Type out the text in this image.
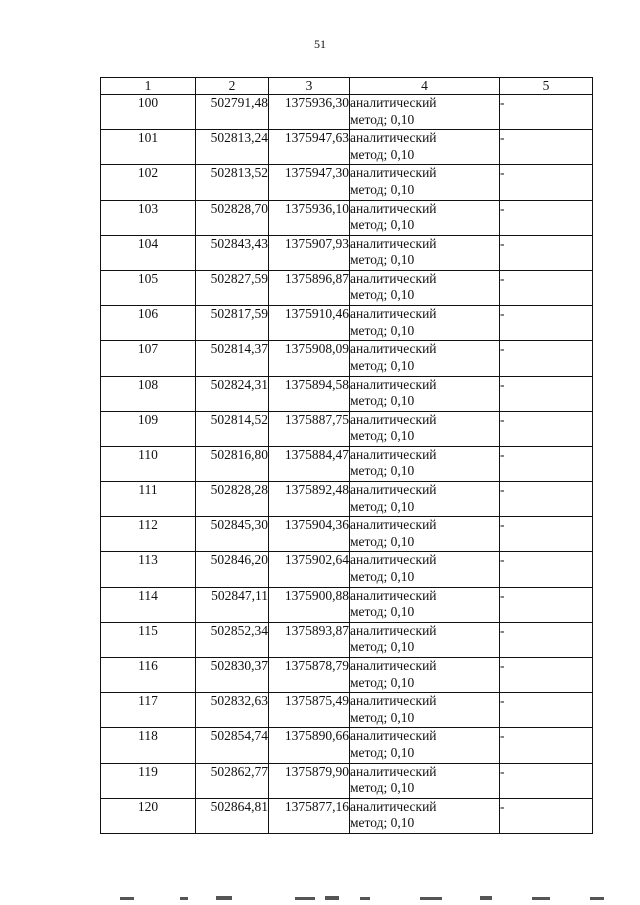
51
1	2	3	4	5
100	502791,48	1375936,30	аналитический
метод; 0,10	-
101	502813,24	1375947,63	аналитический
метод; 0,10	-
102	502813,52	1375947,30	аналитический
метод; 0,10	-
103	502828,70	1375936,10	аналитический
метод; 0,10	-
104	502843,43	1375907,93	аналитический
метод; 0,10	-
105	502827,59	1375896,87	аналитический
метод; 0,10	-
106	502817,59	1375910,46	аналитический
метод; 0,10	-
107	502814,37	1375908,09	аналитический
метод; 0,10	-
108	502824,31	1375894,58	аналитический
метод; 0,10	-
109	502814,52	1375887,75	аналитический
метод; 0,10	-
110	502816,80	1375884,47	аналитический
метод; 0,10	-
111	502828,28	1375892,48	аналитический
метод; 0,10	-
112	502845,30	1375904,36	аналитический
метод; 0,10	-
113	502846,20	1375902,64	аналитический
метод; 0,10	-
114	502847,11	1375900,88	аналитический
метод; 0,10	-
115	502852,34	1375893,87	аналитический
метод; 0,10	-
116	502830,37	1375878,79	аналитический
метод; 0,10	-
117	502832,63	1375875,49	аналитический
метод; 0,10	-
118	502854,74	1375890,66	аналитический
метод; 0,10	-
119	502862,77	1375879,90	аналитический
метод; 0,10	-
120	502864,81	1375877,16	аналитический
метод; 0,10	-
